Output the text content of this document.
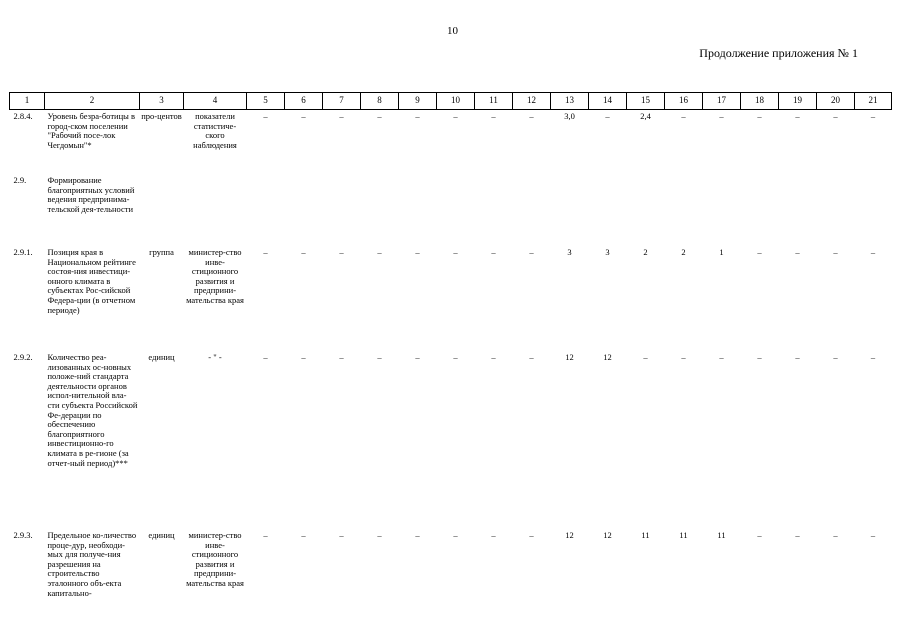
10
Продолжение приложения № 1
1	2	3	4	5	6	7	8	9	10	11	12	13	14	15	16	17	18	19	20	21
2.8.4.	Уровень безра-ботицы в город-ском поселении "Рабочий посе-лок Чегдомын"*	про-центов	показатели статистиче-ского наблюдения	–	–	–	–	–	–	–	–	3,0	–	2,4	–	–	–	–	–	–
2.9.	Формирование благоприятных условий ведения предпринима-тельской дея-тельности																			
2.9.1.	Позиция края в Национальном рейтинге состоя-ния инвестици-онного климата в субъектах Рос-сийской Федера-ции (в отчетном периоде)	группа	министер-ство инве-стиционного развития и предприни-мательства края	–	–	–	–	–	–	–	–	3	3	2	2	1	–	–	–	–
2.9.2.	Количество реа-лизованных ос-новных положе-ний стандарта деятельности органов испол-нительной вла-сти субъекта Российской Фе-дерации по обеспечению благоприятного инвестиционно-го климата в ре-гионе (за отчет-ный период)***	единиц	- " -	–	–	–	–	–	–	–	–	12	12	–	–	–	–	–	–	–
2.9.3.	Предельное ко-личество проце-дур, необходи-мых для получе-ния разрешения на строительство эталонного объ-екта капитально-	единиц	министер-ство инве-стиционного развития и предприни-мательства края	–	–	–	–	–	–	–	–	12	12	11	11	11	–	–	–	–
